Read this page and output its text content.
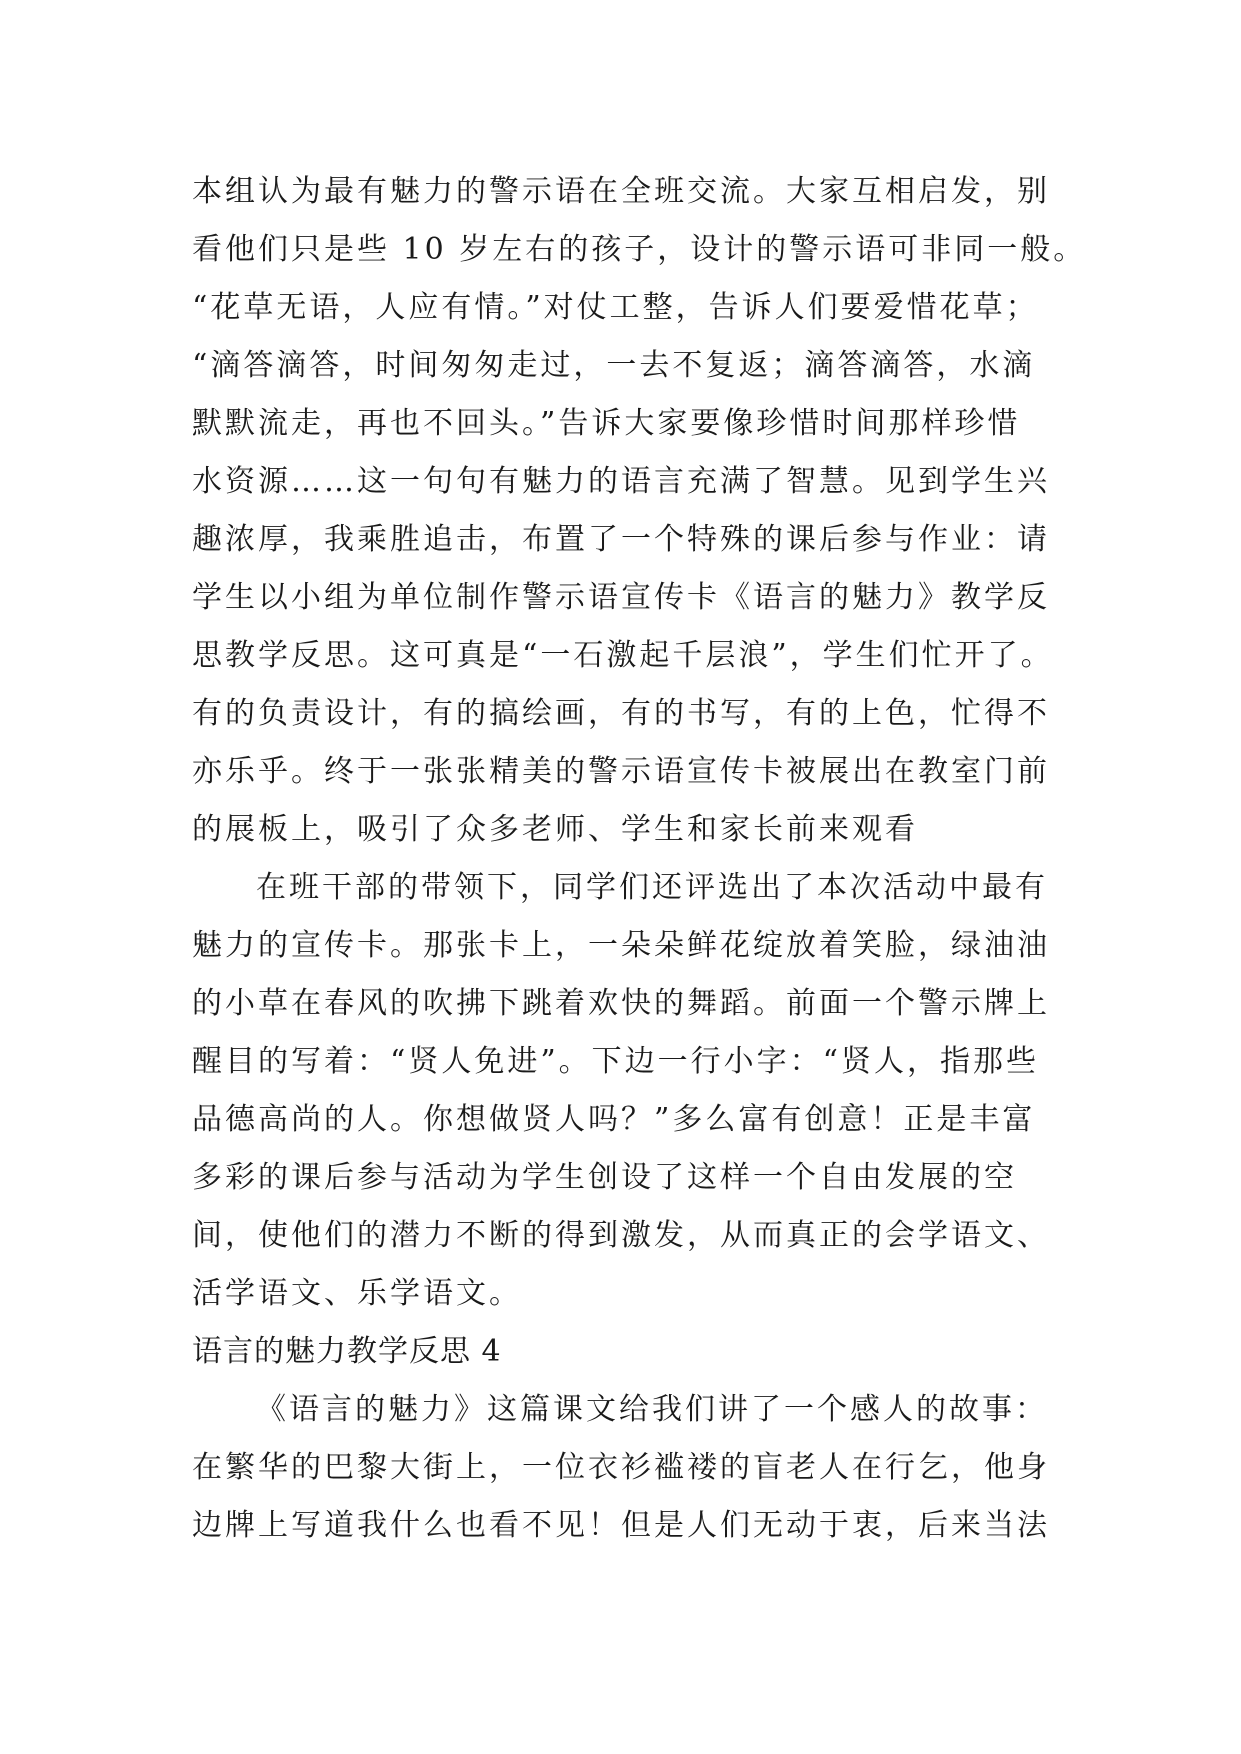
本组认为最有魅力的警示语在全班交流。大家互相启发，别

看他们只是些 10 岁左右的孩子，设计的警示语可非同一般。

“花草无语，人应有情。”对仗工整，告诉人们要爱惜花草；

“滴答滴答，时间匆匆走过，一去不复返；滴答滴答，水滴

默默流走，再也不回头。”告诉大家要像珍惜时间那样珍惜

水资源……这一句句有魅力的语言充满了智慧。见到学生兴

趣浓厚，我乘胜追击，布置了一个特殊的课后参与作业：请

学生以小组为单位制作警示语宣传卡《语言的魅力》教学反

思教学反思。这可真是“一石激起千层浪”，学生们忙开了。

有的负责设计，有的搞绘画，有的书写，有的上色，忙得不

亦乐乎。终于一张张精美的警示语宣传卡被展出在教室门前

的展板上，吸引了众多老师、学生和家长前来观看

在班干部的带领下，同学们还评选出了本次活动中最有

魅力的宣传卡。那张卡上，一朵朵鲜花绽放着笑脸，绿油油

的小草在春风的吹拂下跳着欢快的舞蹈。前面一个警示牌上

醒目的写着：“贤人免进”。下边一行小字：“贤人，指那些

品德高尚的人。你想做贤人吗？”多么富有创意！正是丰富

多彩的课后参与活动为学生创设了这样一个自由发展的空

间，使他们的潜力不断的得到激发，从而真正的会学语文、

活学语文、乐学语文。

语言的魅力教学反思 4

《语言的魅力》这篇课文给我们讲了一个感人的故事：

在繁华的巴黎大街上，一位衣衫褴褛的盲老人在行乞，他身

边牌上写道我什么也看不见！但是人们无动于衷，后来当法
